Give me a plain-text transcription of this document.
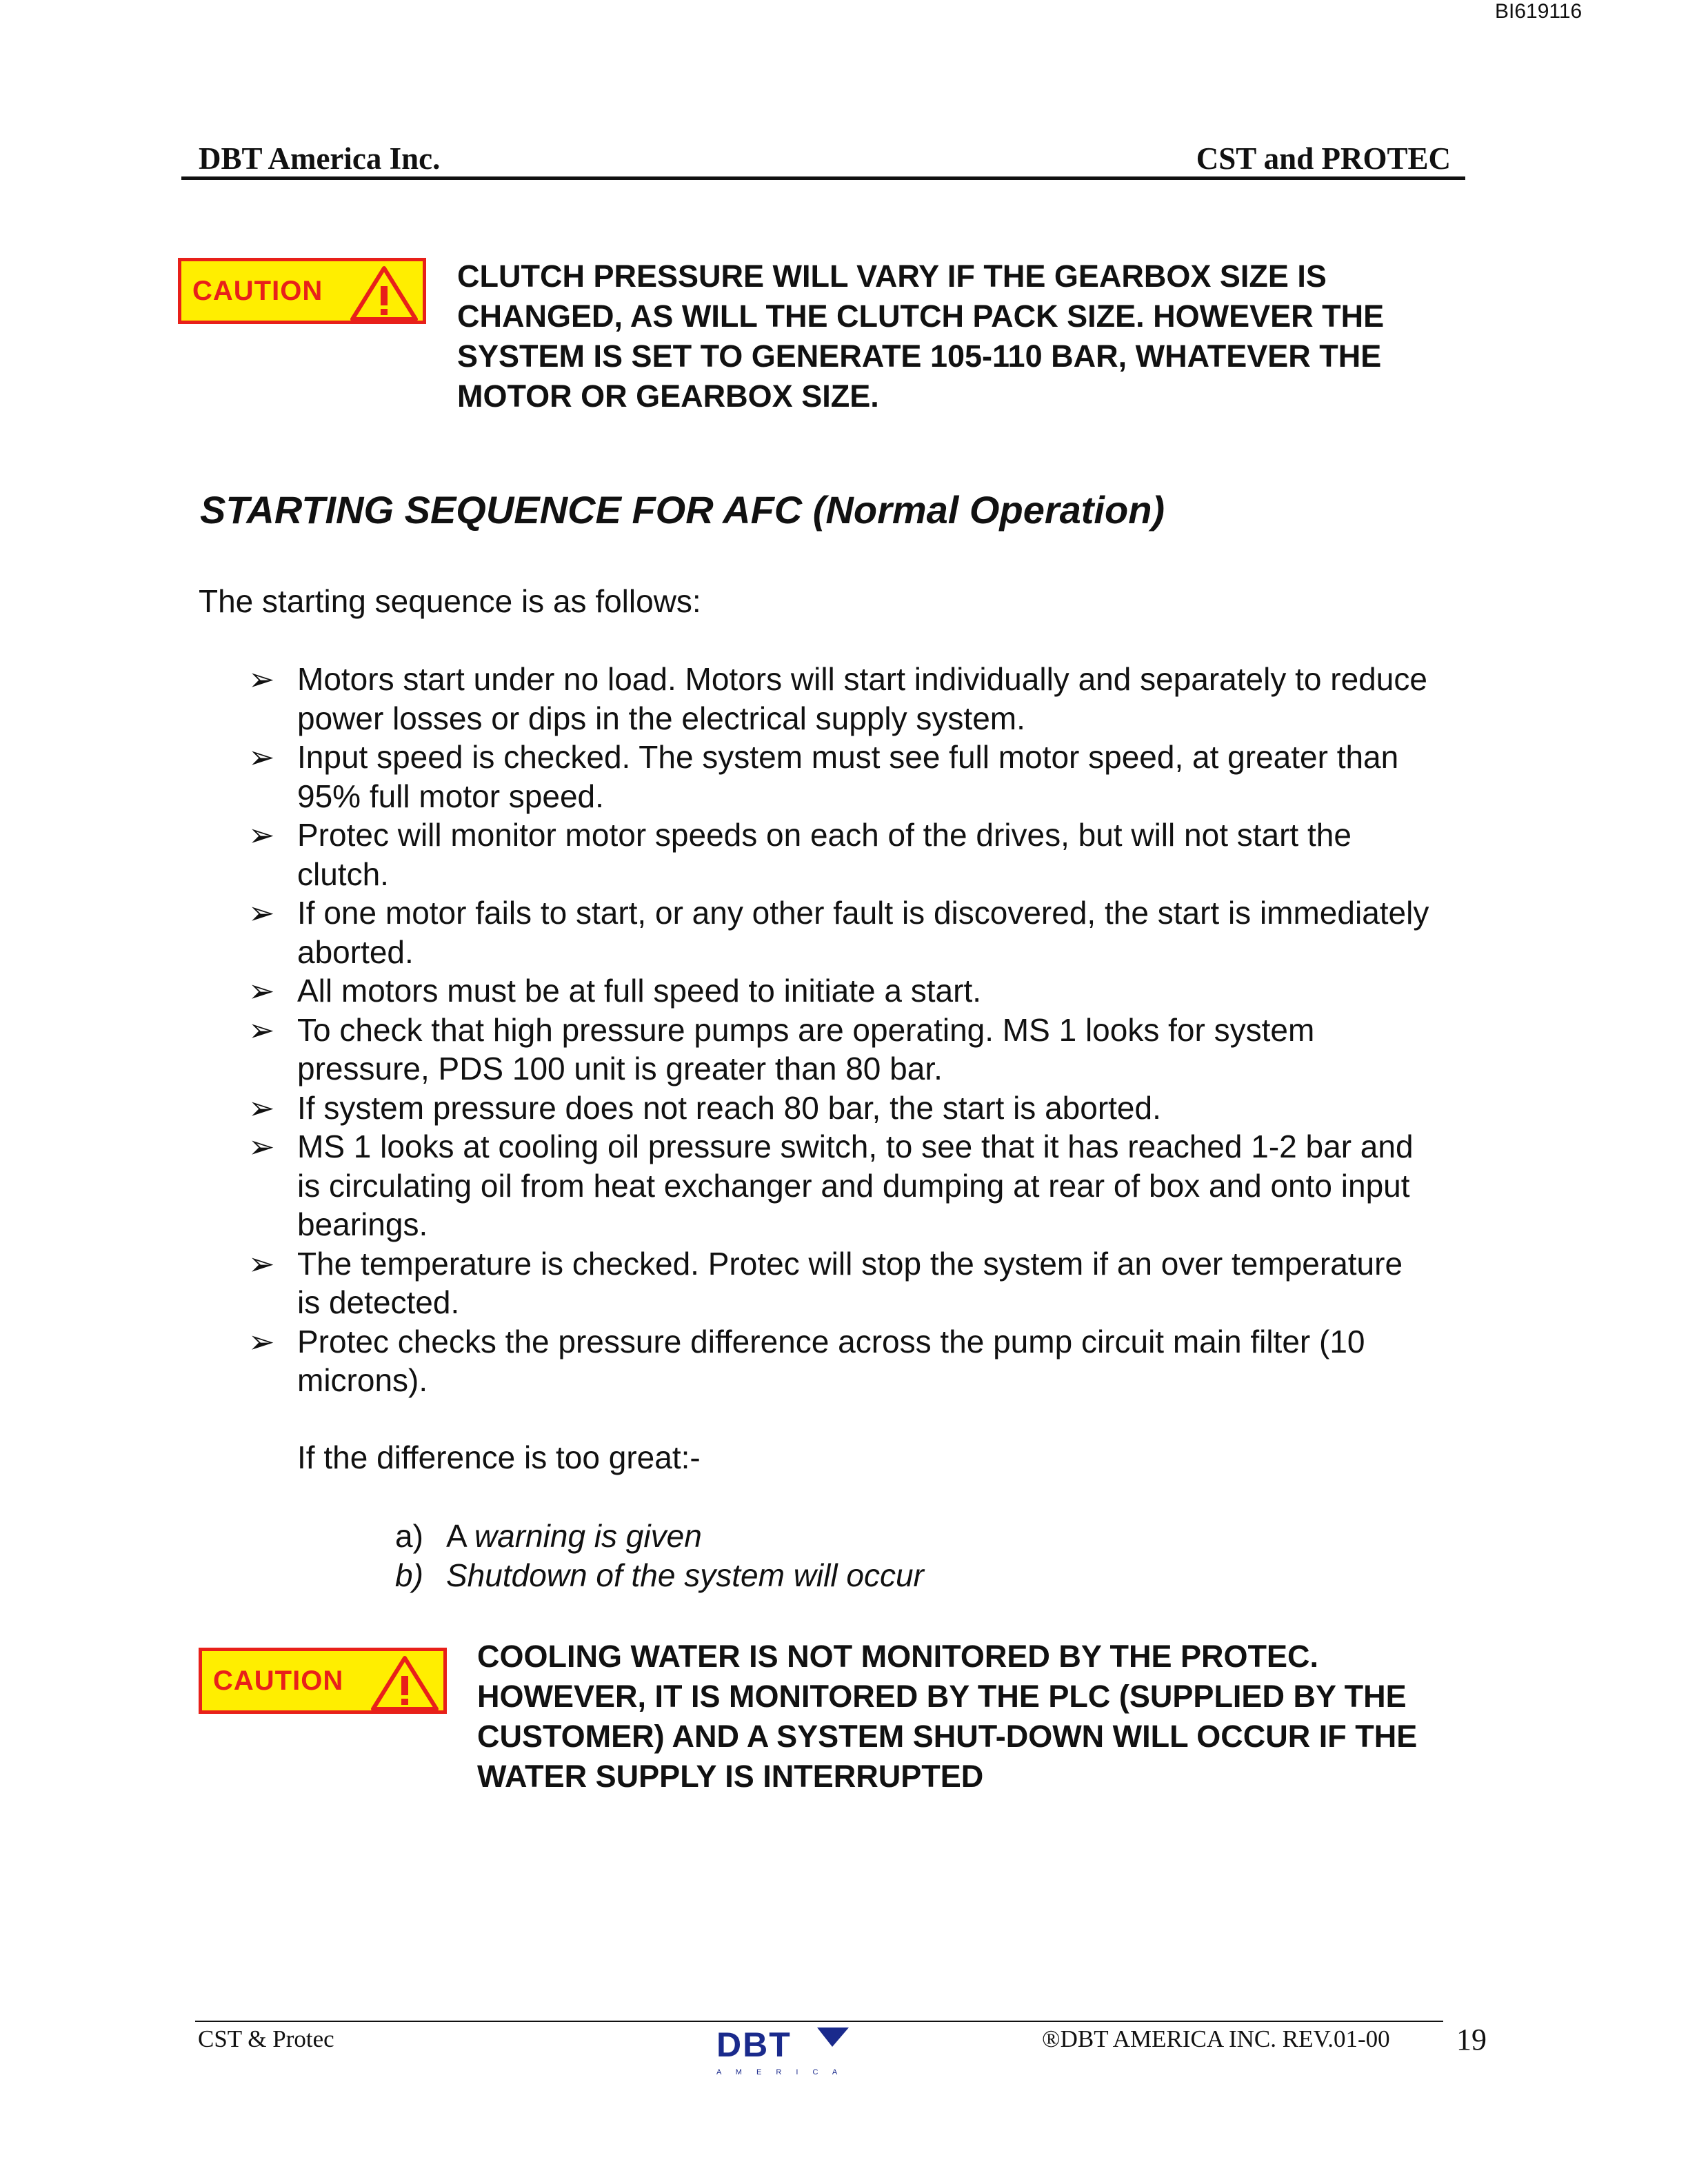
BI619116
DBT America Inc.	CST and PROTEC
CAUTION	CLUTCH PRESSURE WILL VARY IF THE GEARBOX SIZE IS
CHANGED, AS WILL THE CLUTCH PACK SIZE. HOWEVER THE
SYSTEM IS SET TO GENERATE 105-110 BAR, WHATEVER THE
MOTOR OR GEARBOX SIZE.
STARTING SEQUENCE FOR AFC (Normal Operation)
The starting sequence is as follows:
➢ Motors start under no load. Motors will start individually and separately to reduce
power losses or dips in the electrical supply system.
➢ Input speed is checked. The system must see full motor speed, at greater than
95% full motor speed.
➢ Protec will monitor motor speeds on each of the drives, but will not start the
clutch.
➢ If one motor fails to start, or any other fault is discovered, the start is immediately
aborted.
➢ All motors must be at full speed to initiate a start.
➢ To check that high pressure pumps are operating. MS 1 looks for system
pressure, PDS 100 unit is greater than 80 bar.
➢ If system pressure does not reach 80 bar, the start is aborted.
➢ MS 1 looks at cooling oil pressure switch, to see that it has reached 1-2 bar and
is circulating oil from heat exchanger and dumping at rear of box and onto input
bearings.
➢ The temperature is checked. Protec will stop the system if an over temperature
is detected.
➢ Protec checks the pressure difference across the pump circuit main filter (10
microns).
If the difference is too great:-
a) A warning is given
b) Shutdown of the system will occur
CAUTION
COOLING WATER IS NOT MONITORED BY THE PROTEC.
HOWEVER, IT IS MONITORED BY THE PLC (SUPPLIED BY THE
CUSTOMER) AND A SYSTEM SHUT-DOWN WILL OCCUR IF THE
WATER SUPPLY IS INTERRUPTED
CST & Protec	®DBT AMERICA INC. REV.01-00 19
DBT
A M E R I C A
